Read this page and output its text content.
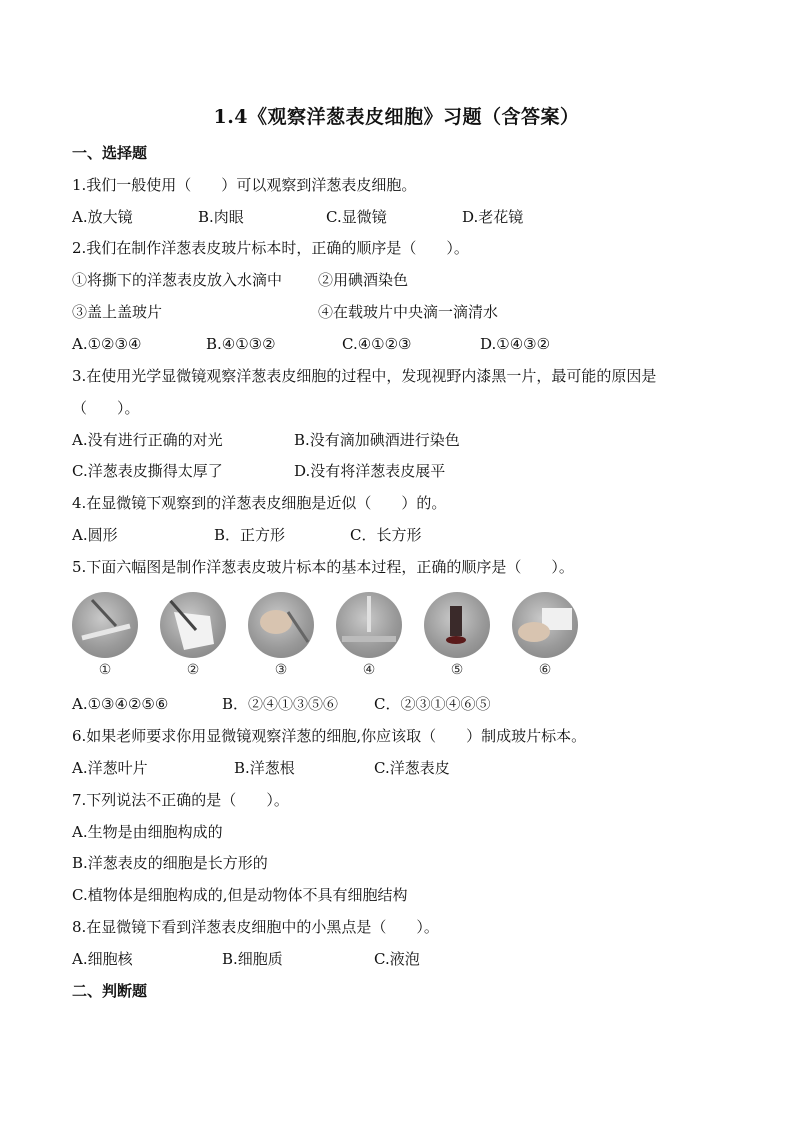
1.4《观察洋葱表皮细胞》习题（含答案）
一、选择题
1.我们一般使用（　　）可以观察到洋葱表皮细胞。
A.放大镜	B.肉眼	C.显微镜	D.老花镜
2.我们在制作洋葱表皮玻片标本时，正确的顺序是（　　）。
①将撕下的洋葱表皮放入水滴中 ②用碘酒染色
③盖上盖玻片	④在载玻片中央滴一滴清水
A.①②③④	B.④①③②	C.④①②③	D.①④③②
3.在使用光学显微镜观察洋葱表皮细胞的过程中，发现视野内漆黑一片，最可能的原因是
（　　）。
A.没有进行正确的对光	B.没有滴加碘酒进行染色
C.洋葱表皮撕得太厚了	D.没有将洋葱表皮展平
4.在显微镜下观察到的洋葱表皮细胞是近似（　　）的。
A.圆形	B．正方形	C．长方形
5.下面六幅图是制作洋葱表皮玻片标本的基本过程，正确的顺序是（　　）。
①	②	③	④	⑤	⑥
A.①③④②⑤⑥	B．②④①③⑤⑥ C．②③①④⑥⑤
6.如果老师要求你用显微镜观察洋葱的细胞,你应该取（　　）制成玻片标本。
A.洋葱叶片	B.洋葱根	C.洋葱表皮
7.下列说法不正确的是（　　）。
A.生物是由细胞构成的
B.洋葱表皮的细胞是长方形的
C.植物体是细胞构成的,但是动物体不具有细胞结构
8.在显微镜下看到洋葱表皮细胞中的小黑点是（　　）。
A.细胞核	B.细胞质	C.液泡
二、判断题
